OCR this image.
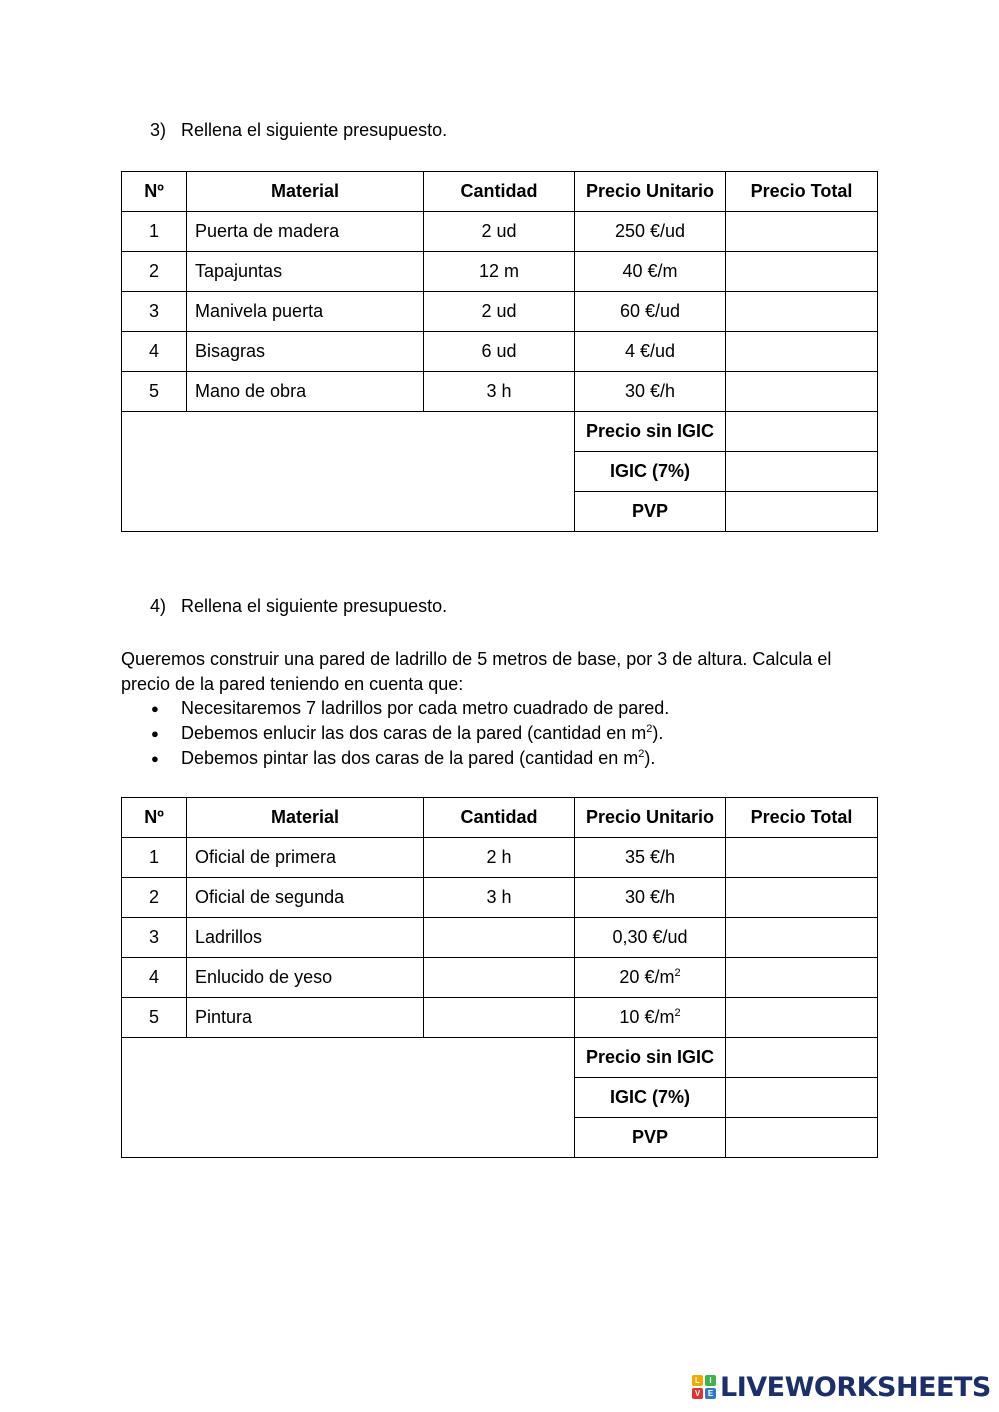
3) Rellena el siguiente presupuesto.

Nº	Material	Cantidad	Precio Unitario	Precio Total
1	Puerta de madera	2 ud	250 €/ud	
2	Tapajuntas	12 m	40 €/m	
3	Manivela puerta	2 ud	60 €/ud	
4	Bisagras	6 ud	4 €/ud	
5	Mano de obra	3 h	30 €/h	
			Precio sin IGIC	
			IGIC (7%)	
			PVP	

4) Rellena el siguiente presupuesto.

Queremos construir una pared de ladrillo de 5 metros de base, por 3 de altura. Calcula el precio de la pared teniendo en cuenta que:

● Necesitaremos 7 ladrillos por cada metro cuadrado de pared.
● Debemos enlucir las dos caras de la pared (cantidad en $m^2$).
● Debemos pintar las dos caras de la pared (cantidad en $m^2$).
Nº	Material	Cantidad	Precio Unitario	Precio Total
1	Oficial de primera	2 h	35 €/h	
2	Oficial de segunda	3 h	30 €/h	
3	Ladrillos		0,30 €/ud	
4	Enlucido de yeso		20 $€/m^2$	
5	Pintura		10 $€/m^2$	
			Precio sin IGIC	
			IGIC (7%)	
			PVP	
L	I
V E LIVEWORKSHEETS
